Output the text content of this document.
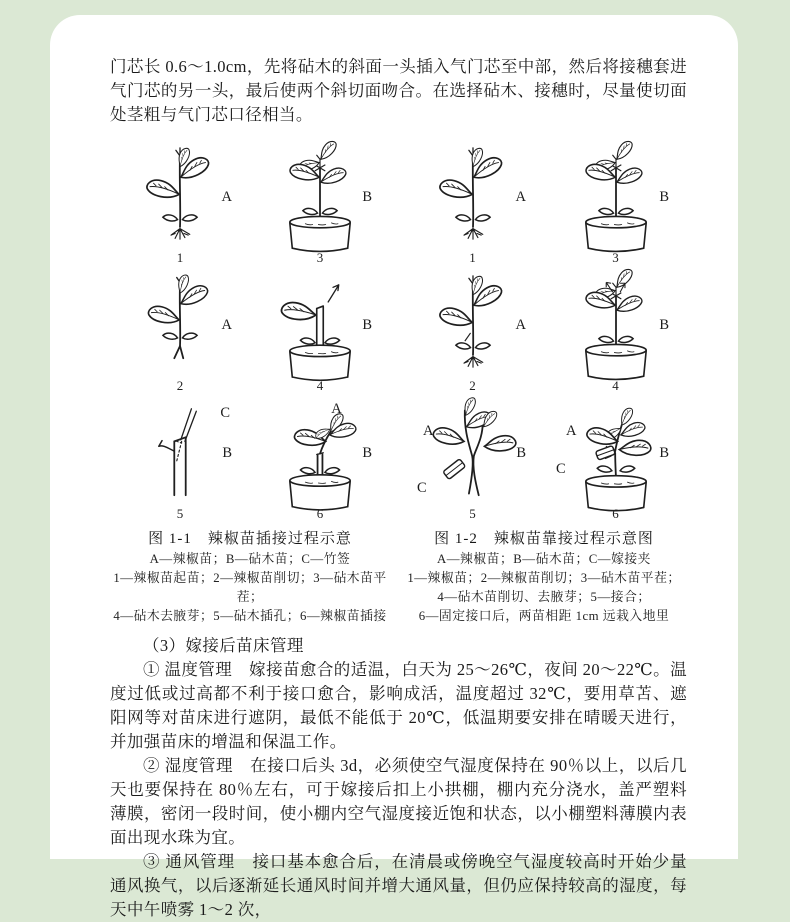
门芯长 0.6～1.0cm，先将砧木的斜面一头插入气门芯至中部，然后将接穗套进气门芯的另一头，最后使两个斜切面吻合。在选择砧木、接穗时，尽量使切面处茎粗与气门芯口径相当。

A
1
B
3
A
2
B
4
C
B
5
A
B
6
图 1-1　辣椒苗插接过程示意
A—辣椒苗；B—砧木苗；C—竹签
1—辣椒苗起苗；2—辣椒苗削切；3—砧木苗平茬；
4—砧木去腋芽；5—砧木插孔；6—辣椒苗插接
A
1
B
3
A
2
B
4
A
C
B
5
A
C
B
6
图 1-2　辣椒苗靠接过程示意图
A—辣椒苗；B—砧木苗；C—嫁接夹
1—辣椒苗；2—辣椒苗削切；3—砧木苗平茬；
4—砧木苗削切、去腋芽；5—接合；
6—固定接口后，两苗相距 1cm 远栽入地里

（3）嫁接后苗床管理

① 温度管理　嫁接苗愈合的适温，白天为 25～26℃，夜间 20～22℃。温度过低或过高都不利于接口愈合，影响成活，温度超过 32℃，要用草苫、遮阳网等对苗床进行遮阴，最低不能低于 20℃，低温期要安排在晴暖天进行，并加强苗床的增温和保温工作。

② 湿度管理　在接口后头 3d，必须使空气湿度保持在 90％以上，以后几天也要保持在 80％左右，可于嫁接后扣上小拱棚，棚内充分浇水，盖严塑料薄膜，密闭一段时间，使小棚内空气湿度接近饱和状态，以小棚塑料薄膜内表面出现水珠为宜。

③ 通风管理　接口基本愈合后，在清晨或傍晚空气湿度较高时开始少量通风换气，以后逐渐延长通风时间并增大通风量，但仍应保持较高的湿度，每天中午喷雾 1～2 次，
